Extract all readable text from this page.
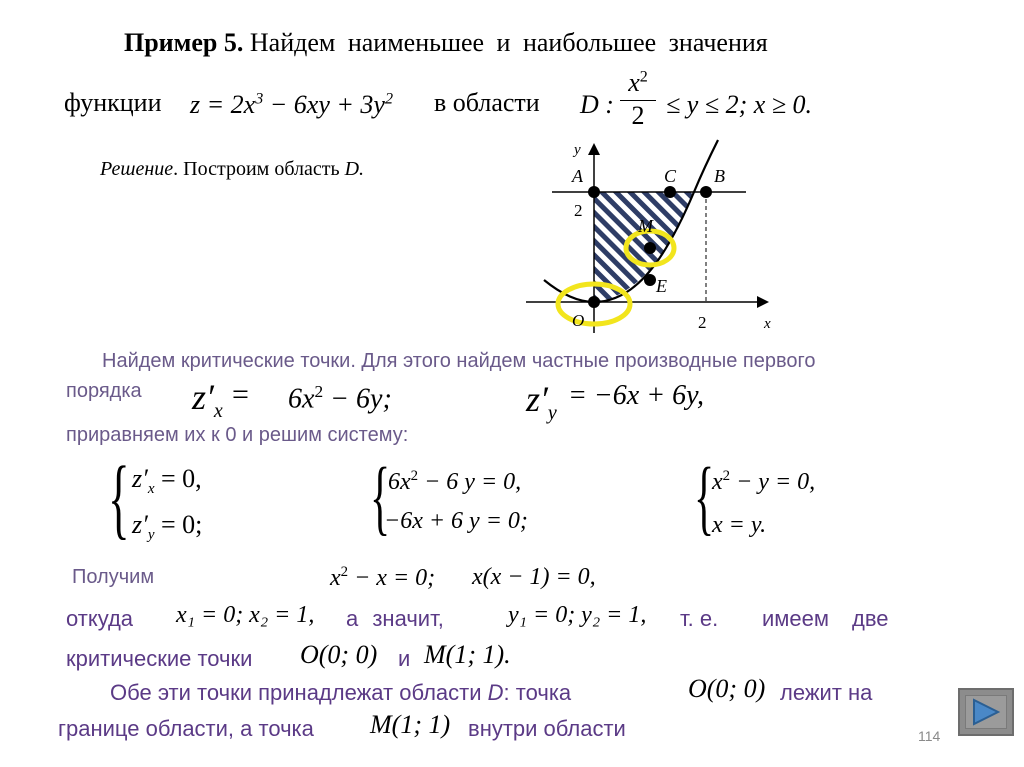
Пример 5. Найдем наименьшее и наибольшее значения
функции $z = 2x^3 - 6xy + 3y^2$ в области D :
$x^2$
2 ≤ y ≤ 2; x ≥ 0.
Решение. Построим область D.
y
x
O
2
2
A	C B
M
E
Найдем критические точки. Для этого найдем частные производные первого
порядка $z'_x$
= $6x^2 - 6y$;	$z'_y$
= −6x + 6y,
приравняем их к 0 и решим систему:
{ $z'_x = 0$,
$z'_y = 0$; {
$6x^2 - 6$ y = 0,
−6x + 6 y = 0; {
$x^2 - y = 0$,
x = y.
Получим	$x^2 - x = 0$; x(x − 1) = 0,
откуда x₁ = 0; x₂ = 1, а значит,	y₁ = 0; y₂ = 1, т. е. имеем две
критические точки O(0; 0) и M(1; 1).
Обе эти точки принадлежат области D: точка	O(0; 0) лежит на
границе области, а точка M(1; 1) внутри области	114
